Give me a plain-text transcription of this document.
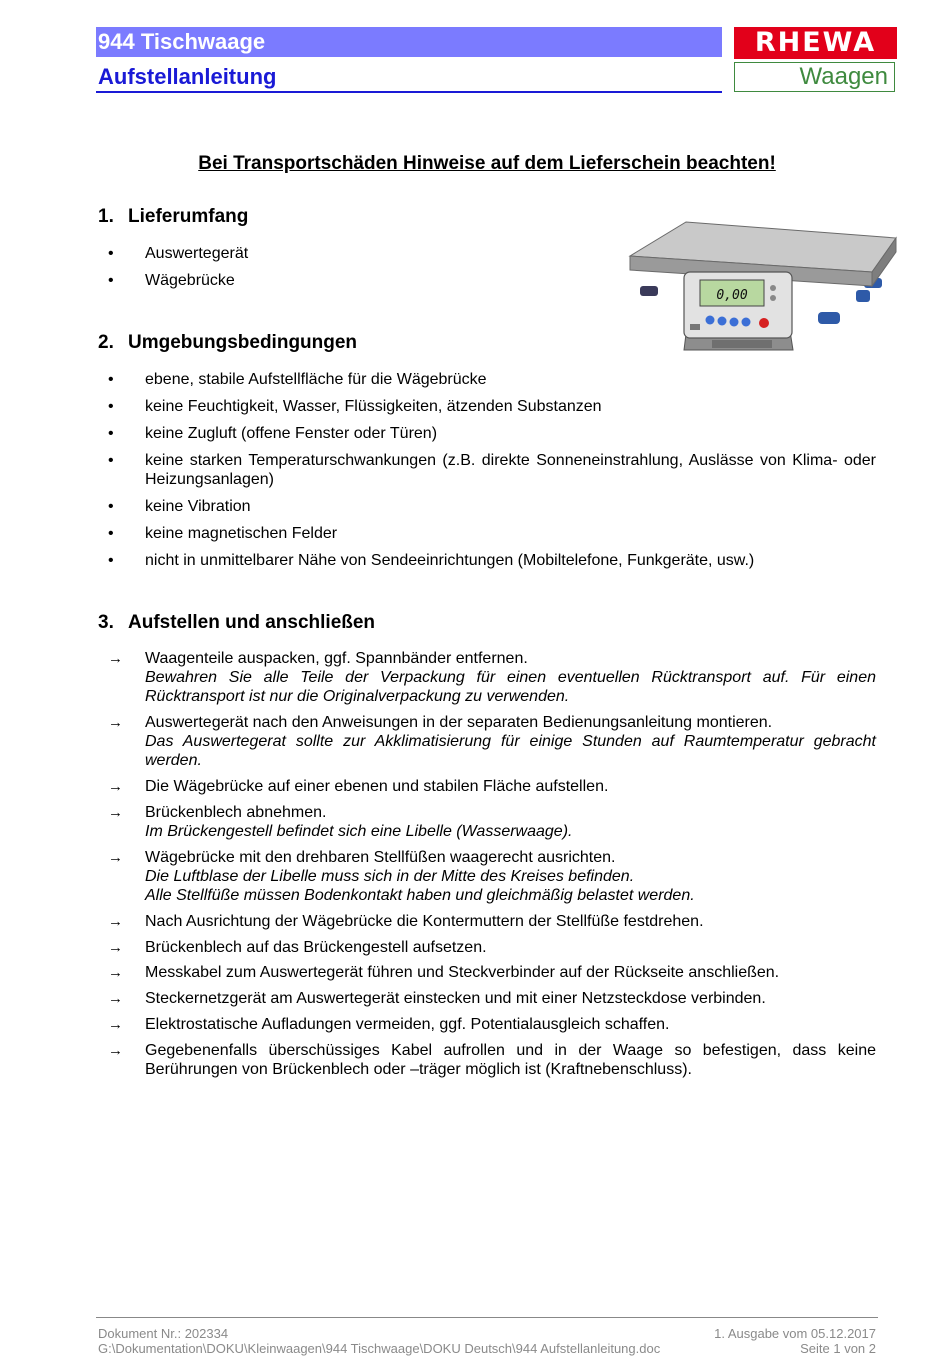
944 Tischwaage
Aufstellanleitung
RHEWA
Waagen
Bei Transportschäden Hinweise auf dem Lieferschein beachten!
0,00
1. Lieferumfang
•	Auswertegerät
•	Wägebrücke
2. Umgebungsbedingungen
•	ebene, stabile Aufstellfläche für die Wägebrücke
•	keine Feuchtigkeit, Wasser, Flüssigkeiten, ätzenden Substanzen
•	keine Zugluft (offene Fenster oder Türen)
•	keine starken Temperaturschwankungen (z.B. direkte Sonneneinstrahlung, Auslässe von Klima- oder Heizungsanlagen)
•	keine Vibration
•	keine magnetischen Felder
•	nicht in unmittelbarer Nähe von Sendeeinrichtungen (Mobiltelefone, Funkgeräte, usw.)
3. Aufstellen und anschließen
→	Waagenteile auspacken, ggf. Spannbänder entfernen.
Bewahren Sie alle Teile der Verpackung für einen eventuellen Rücktransport auf. Für einen Rücktransport ist nur die Originalverpackung zu verwenden.
→	Auswertegerät nach den Anweisungen in der separaten Bedienungsanleitung montieren.
Das Auswertegerat sollte zur Akklimatisierung für einige Stunden auf Raumtemperatur gebracht werden.
→	Die Wägebrücke auf einer ebenen und stabilen Fläche aufstellen.
→	Brückenblech abnehmen.
Im Brückengestell befindet sich eine Libelle (Wasserwaage).
→	Wägebrücke mit den drehbaren Stellfüßen waagerecht ausrichten.
Die Luftblase der Libelle muss sich in der Mitte des Kreises befinden.
Alle Stellfüße müssen Bodenkontakt haben und gleichmäßig belastet werden.
→	Nach Ausrichtung der Wägebrücke die Kontermuttern der Stellfüße festdrehen.
→	Brückenblech auf das Brückengestell aufsetzen.
→	Messkabel zum Auswertegerät führen und Steckverbinder auf der Rückseite anschließen.
→	Steckernetzgerät am Auswertegerät einstecken und mit einer Netzsteckdose verbinden.
→	Elektrostatische Aufladungen vermeiden, ggf. Potentialausgleich schaffen.
→	Gegebenenfalls überschüssiges Kabel aufrollen und in der Waage so befestigen, dass keine Berührungen von Brückenblech oder –träger möglich ist (Kraftnebenschluss).
Dokument Nr.: 202334	1. Ausgabe vom 05.12.2017
G:\Dokumentation\DOKU\Kleinwaagen\944 Tischwaage\DOKU Deutsch\944 Aufstellanleitung.doc	Seite 1 von 2
